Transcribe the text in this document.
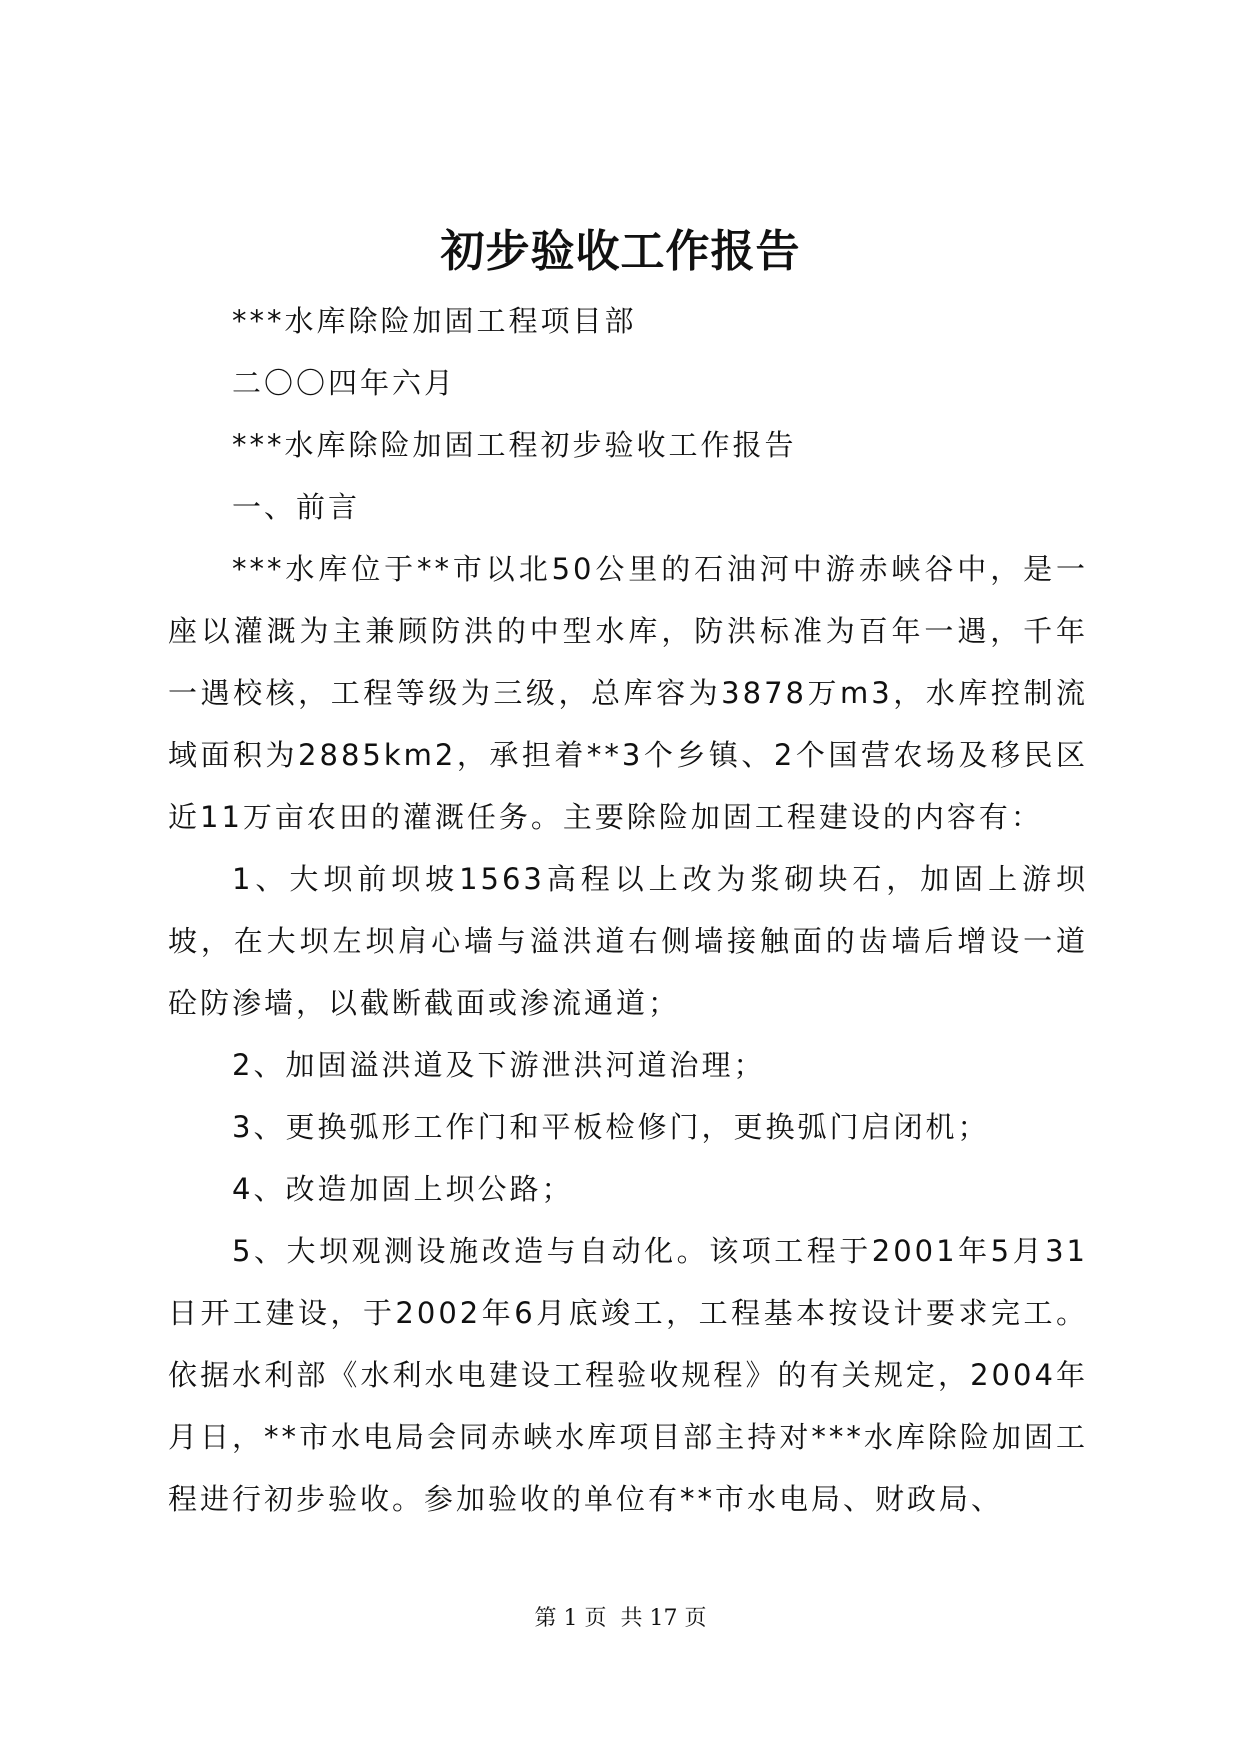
初步验收工作报告

***水库除险加固工程项目部

二〇〇四年六月

***水库除险加固工程初步验收工作报告

一、前言

***水库位于**市以北50公里的石油河中游赤峡谷中，是一座以灌溉为主兼顾防洪的中型水库，防洪标准为百年一遇，千年一遇校核，工程等级为三级，总库容为3878万m3，水库控制流域面积为2885km2，承担着**3个乡镇、2个国营农场及移民区近11万亩农田的灌溉任务。主要除险加固工程建设的内容有：

1、大坝前坝坡1563高程以上改为浆砌块石，加固上游坝坡，在大坝左坝肩心墙与溢洪道右侧墙接触面的齿墙后增设一道砼防渗墙，以截断截面或渗流通道；

2、加固溢洪道及下游泄洪河道治理；

3、更换弧形工作门和平板检修门，更换弧门启闭机；

4、改造加固上坝公路；

5、大坝观测设施改造与自动化。该项工程于2001年5月31日开工建设，于2002年6月底竣工，工程基本按设计要求完工。依据水利部《水利水电建设工程验收规程》的有关规定，2004年月日，**市水电局会同赤峡水库项目部主持对***水库除险加固工程进行初步验收。参加验收的单位有**市水电局、财政局、

第 1 页  共 17 页
